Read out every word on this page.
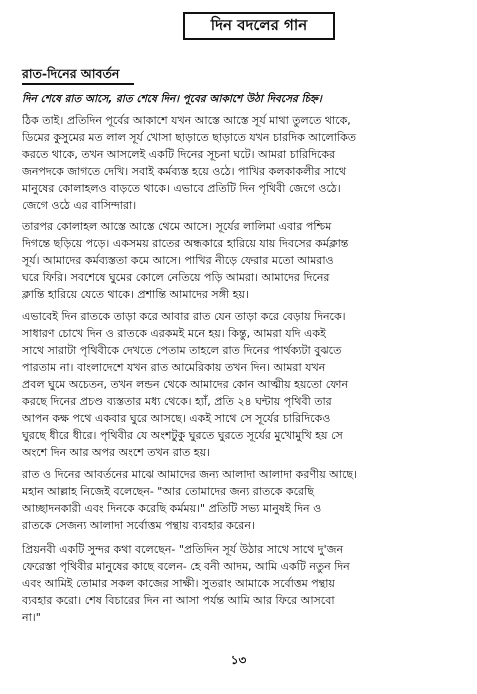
দিন বদলের গান
রাত-দিনের আবর্তন
দিন শেষে রাত আসে, রাত শেষে দিন। পূবের আকাশে উঠা দিবসের চিহ্ন।
ঠিক তাই। প্রতিদিন পূর্বের আকাশে যখন আস্তে আস্তে সূর্য মাথা তুলতে থাকে,
ডিমের কুসুমের মত লাল সূর্য খোসা ছাড়াতে ছাড়াতে যখন চারদিক আলোকিত
করতে থাকে, তখন আসলেই একটি দিনের সূচনা ঘটে। আমরা চারিদিকের
জনপদকে জাগতে দেখি। সবাই কর্মব্যস্ত হয়ে ওঠে। পাখির কলকাকলীর সাথে
মানুষের কোলাহলও বাড়তে থাকে। এভাবে প্রতিটি দিন পৃথিবী জেগে ওঠে।
জেগে ওঠে এর বাসিন্দারা।
তারপর কোলাহল আস্তে আস্তে থেমে আসে। সূর্যের লালিমা এবার পশ্চিম
দিগন্তে ছড়িয়ে পড়ে। একসময় রাতের অন্ধকারে হারিয়ে যায় দিবসের কর্মক্লান্ত
সূর্য। আমাদের কর্মব্যস্ততা কমে আসে। পাখির নীড়ে ফেরার মতো আমরাও
ঘরে ফিরি। সবশেষে ঘুমের কোলে নেতিয়ে পড়ি আমরা। আমাদের দিনের
ক্লান্তি হারিয়ে যেতে থাকে। প্রশান্তি আমাদের সঙ্গী হয়।
এভাবেই দিন রাতকে তাড়া করে আবার রাত যেন তাড়া করে বেড়ায় দিনকে।
সাধারণ চোখে দিন ও রাতকে এরকমই মনে হয়। কিন্তু, আমরা যদি একই
সাথে সারাটা পৃথিবীকে দেখতে পেতাম তাহলে রাত দিনের পার্থক্যটা বুঝতে
পারতাম না। বাংলাদেশে যখন রাত আমেরিকায় তখন দিন। আমরা যখন
প্রবল ঘুমে অচেতন, তখন লন্ডন থেকে আমাদের কোন আত্মীয় হয়তো ফোন
করছে দিনের প্রচণ্ড ব্যস্ততার মধ্য থেকে। হ্যাঁ, প্রতি ২৪ ঘন্টায় পৃথিবী তার
আপন কক্ষ পথে একবার ঘুরে আসছে। একই সাথে সে সূর্যের চারিদিকেও
ঘুরছে ধীরে ধীরে। পৃথিবীর যে অংশটুকু ঘুরতে ঘুরতে সূর্যের মুখোমুখি হয় সে
অংশে দিন আর অপর অংশে তখন রাত হয়।
রাত ও দিনের আবর্তনের মাঝে আমাদের জন্য আলাদা আলাদা করণীয় আছে।
মহান আল্লাহ নিজেই বলেছেন- "আর তোমাদের জন্য রাতকে করেছি
আচ্ছাদনকারী এবং দিনকে করেছি কর্মময়।" প্রতিটি সভ্য মানুষই দিন ও
রাতকে সেজন্য আলাদা সর্বোত্তম পন্থায় ব্যবহার করেন।
প্রিয়নবী একটি সুন্দর কথা বলেছেন- "প্রতিদিন সূর্য উঠার সাথে সাথে দু'জন
ফেরেস্তা পৃথিবীর মানুষের কাছে বলেন- হে বনী আদম, আমি একটি নতুন দিন
এবং আমিই তোমার সকল কাজের সাক্ষী। সুতরাং আমাকে সর্বোত্তম পন্থায়
ব্যবহার করো। শেষ বিচারের দিন না আসা পর্যন্ত আমি আর ফিরে আসবো
না।"
১৩
